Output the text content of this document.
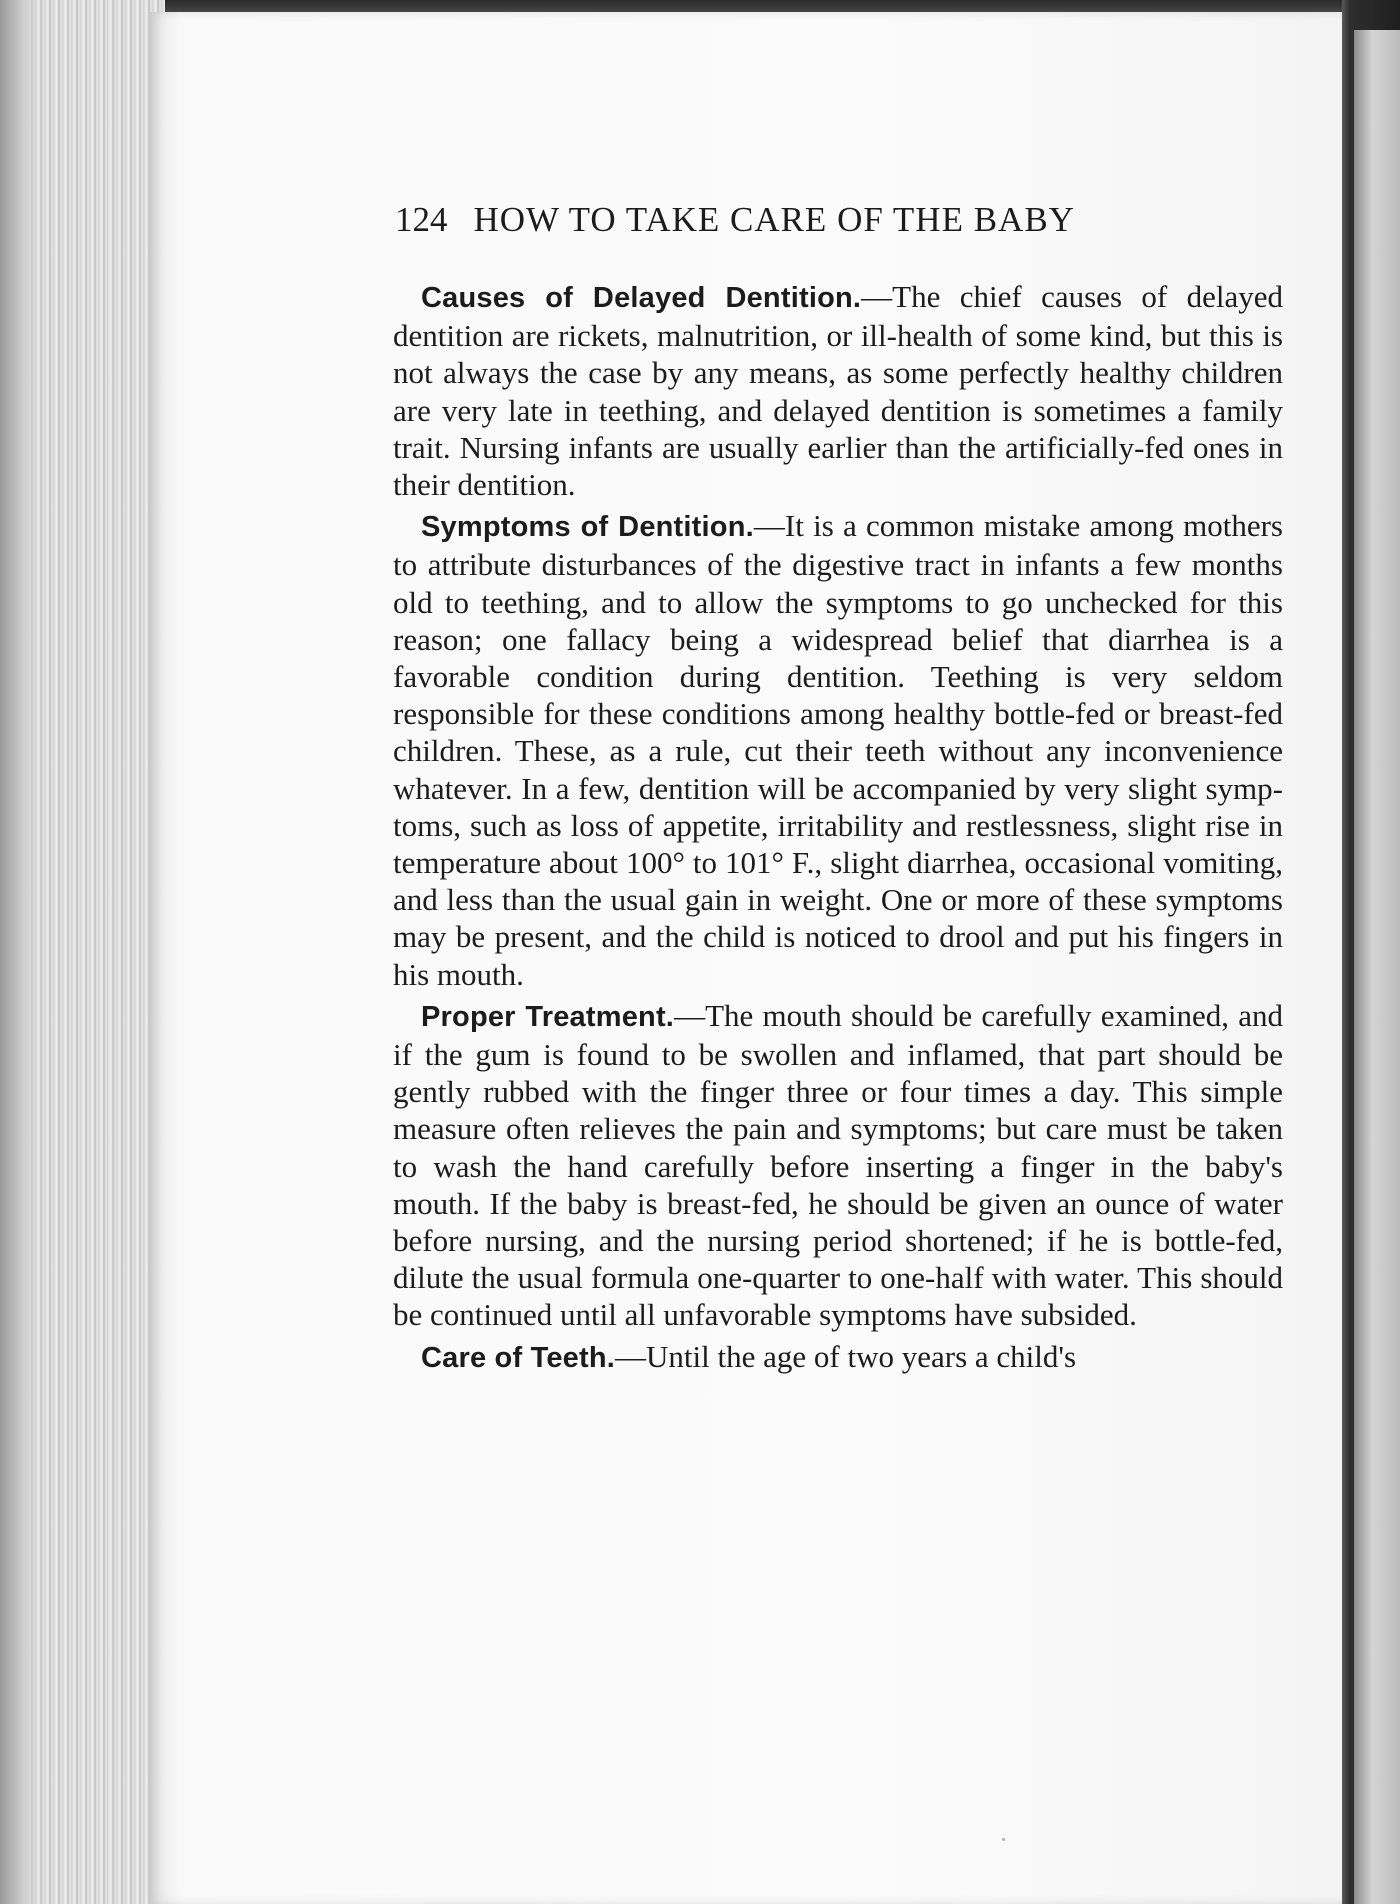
124 HOW TO TAKE CARE OF THE BABY

Causes of Delayed Dentition.—The chief causes of delayed dentition are rickets, malnutrition, or ill-health of some kind, but this is not always the case by any means, as some perfectly healthy children are very late in teething, and delayed dentition is sometimes a family trait. Nursing infants are usually earlier than the artificially-fed ones in their dentition.

Symptoms of Dentition.—It is a common mistake among mothers to attribute disturbances of the digestive tract in infants a few months old to teething, and to allow the symptoms to go unchecked for this reason; one fallacy being a widespread belief that diarrhea is a favorable condition during dentition. Teething is very seldom responsible for these conditions among healthy bottle-fed or breast-fed children. These, as a rule, cut their teeth without any inconvenience whatever. In a few, dentition will be accompanied by very slight symptoms, such as loss of appetite, irritability and restlessness, slight rise in temperature about 100° to 101° F., slight diarrhea, occasional vomiting, and less than the usual gain in weight. One or more of these symptoms may be present, and the child is noticed to drool and put his fingers in his mouth.

Proper Treatment.—The mouth should be carefully examined, and if the gum is found to be swollen and inflamed, that part should be gently rubbed with the finger three or four times a day. This simple measure often relieves the pain and symptoms; but care must be taken to wash the hand carefully before inserting a finger in the baby's mouth. If the baby is breast-fed, he should be given an ounce of water before nursing, and the nursing period shortened; if he is bottle-fed, dilute the usual formula one-quarter to one-half with water. This should be continued until all unfavorable symptoms have subsided.

Care of Teeth.—Until the age of two years a child's
